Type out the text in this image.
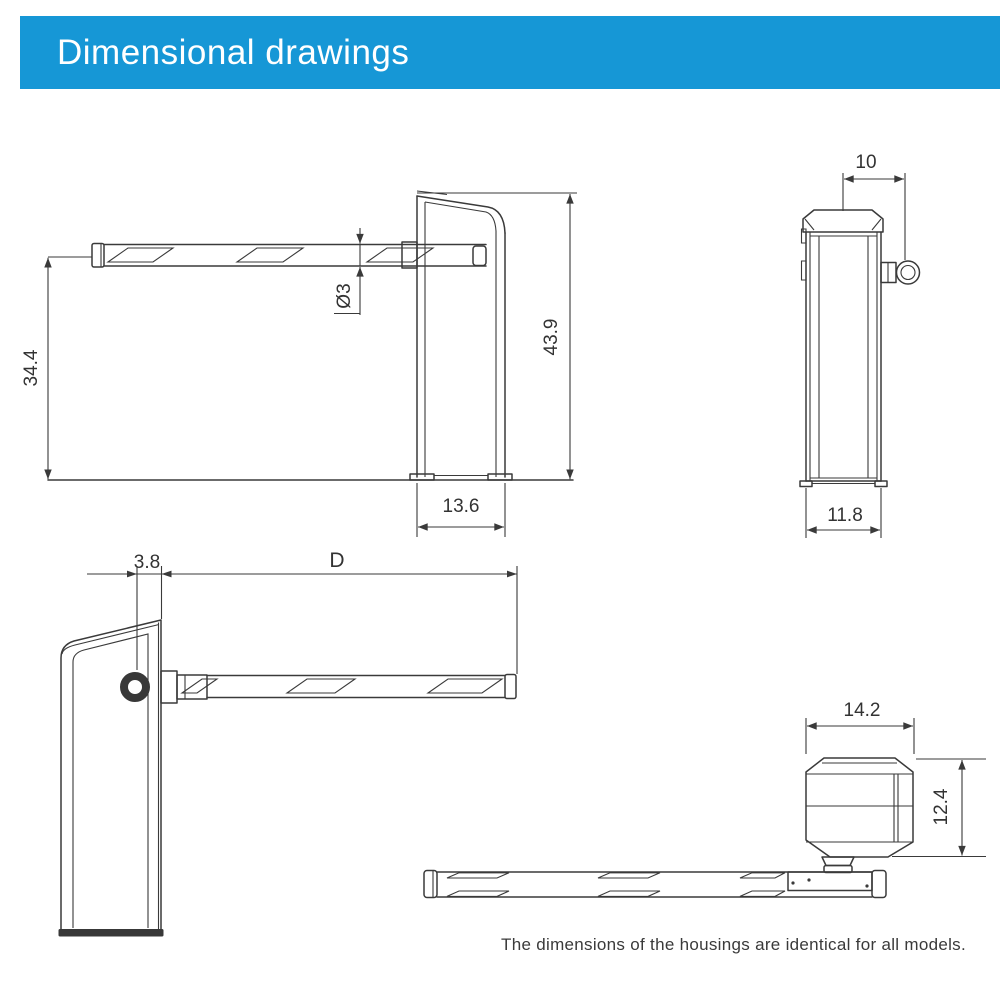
Dimensional drawings
34.4
Ø3
43.9
13.6
10
11.8
3.8	D
14.2
12.4
The dimensions of the housings are identical for all models.
